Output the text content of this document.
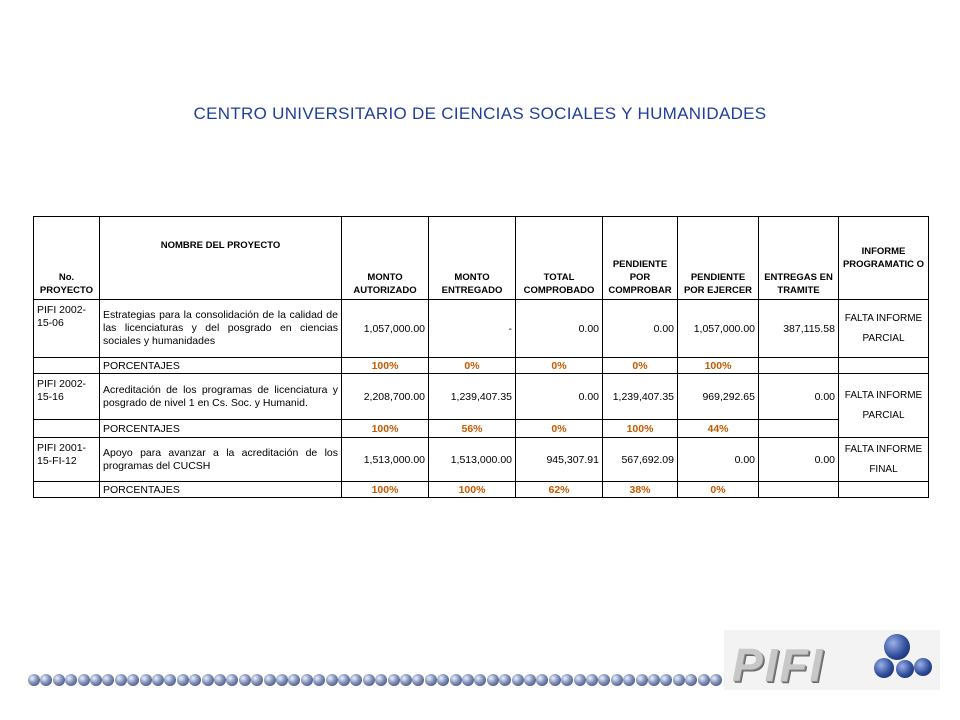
CENTRO UNIVERSITARIO DE CIENCIAS SOCIALES Y HUMANIDADES
No. PROYECTO	NOMBRE DEL PROYECTO	MONTO AUTORIZADO	MONTO ENTREGADO	TOTAL COMPROBADO	PENDIENTE POR COMPROBAR	PENDIENTE POR EJERCER	ENTREGAS EN TRAMITE	INFORME PROGRAMATIC O
PIFI 2002-15-06	Estrategias para la consolidación de la calidad de las licenciaturas y del posgrado en ciencias sociales y humanidades	1,057,000.00	-	0.00	0.00	1,057,000.00	387,115.58	FALTA INFORME PARCIAL
	PORCENTAJES	100%	0%	0%	0%	100%		
PIFI 2002-15-16	Acreditación de los programas de licenciatura y posgrado de nivel 1 en Cs. Soc. y Humanid.	2,208,700.00	1,239,407.35	0.00	1,239,407.35	969,292.65	0.00	FALTA INFORME PARCIAL
	PORCENTAJES	100%	56%	0%	100%	44%		
PIFI 2001-15-FI-12	Apoyo para avanzar a la acreditación de los programas del CUCSH	1,513,000.00	1,513,000.00	945,307.91	567,692.09	0.00	0.00	FALTA INFORME FINAL
	PORCENTAJES	100%	100%	62%	38%	0%		
PIFI
